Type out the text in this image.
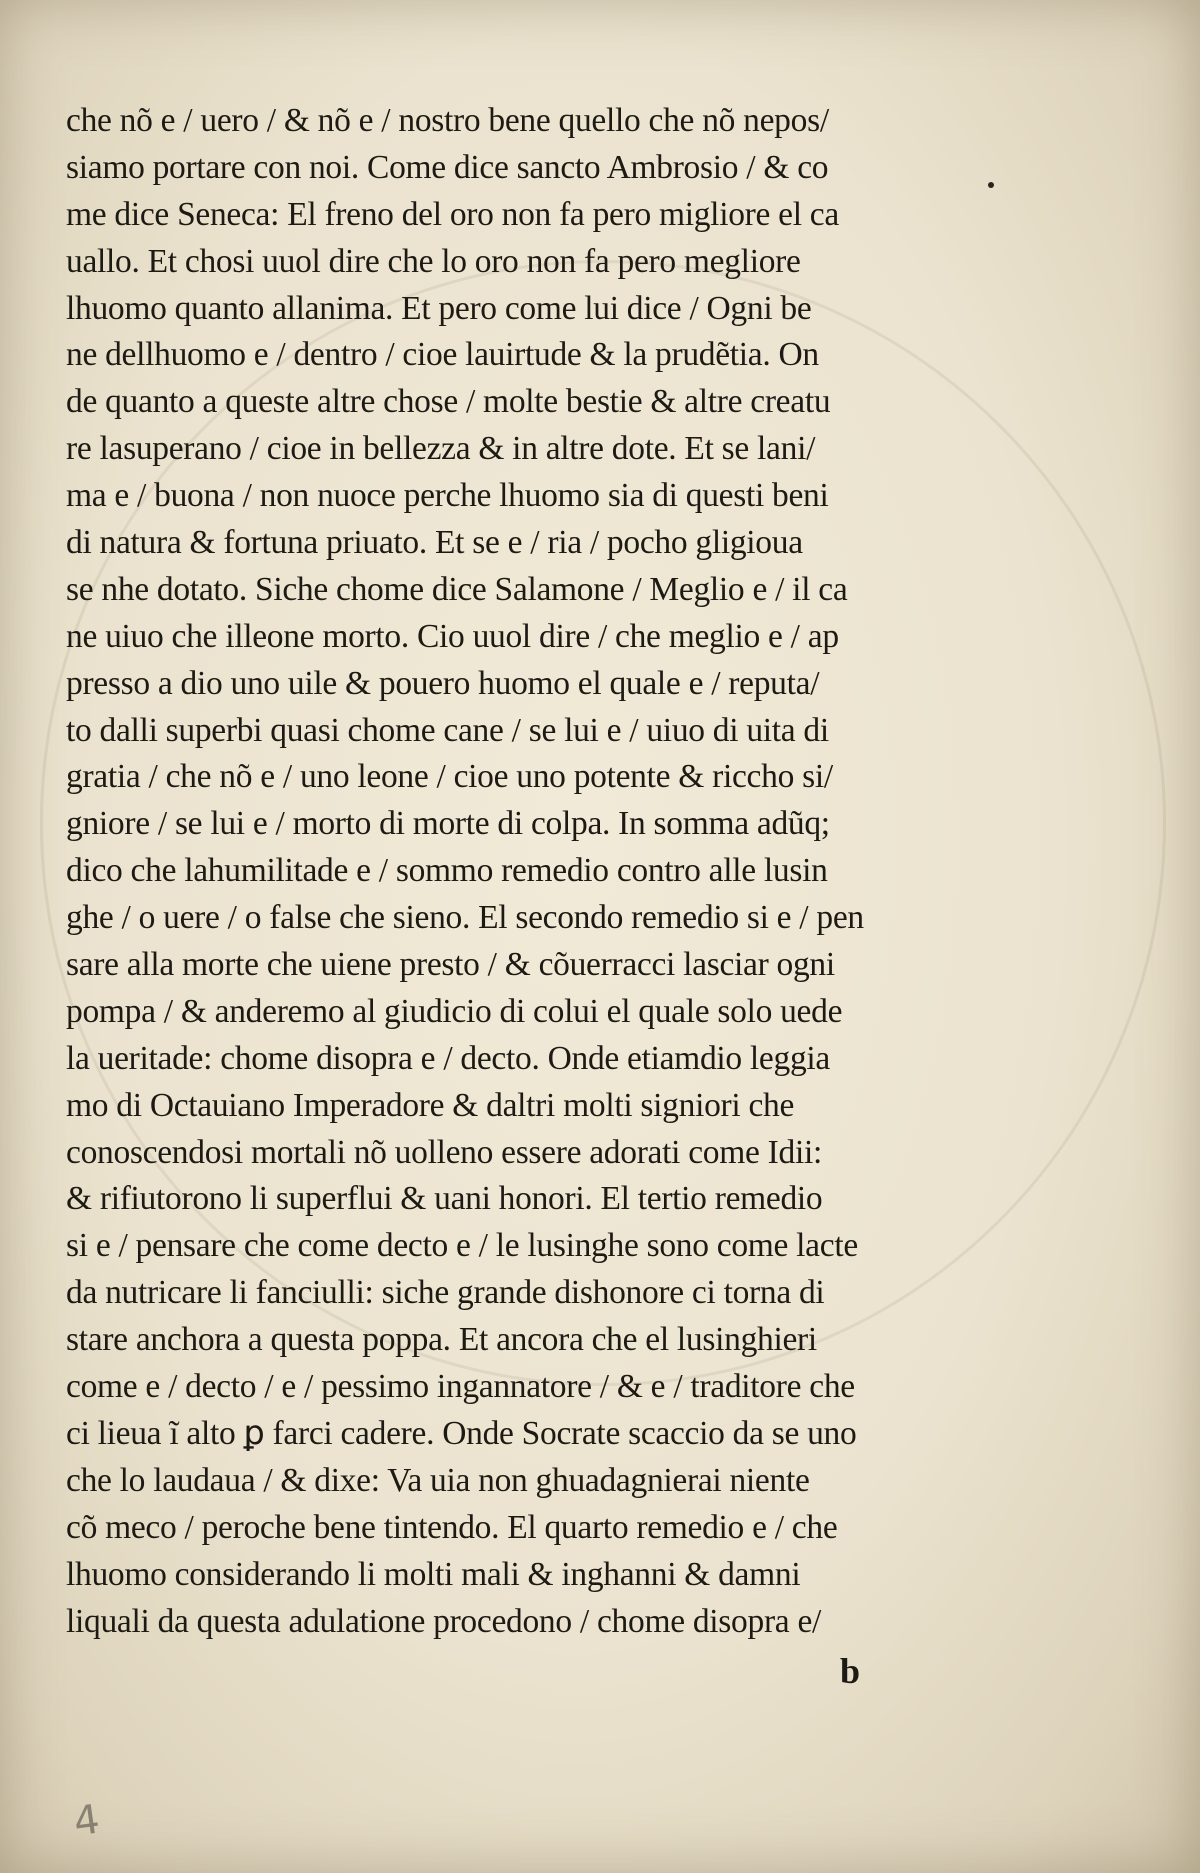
che nõ e / uero / & nõ e / nostro bene quello che nõ nepos/
siamo portare con noi. Come dice sancto Ambrosio / & co
me dice Seneca: El freno del oro non fa pero migliore el ca
uallo. Et chosi uuol dire che lo oro non fa pero megliore
lhuomo quanto allanima. Et pero come lui dice / Ogni be
ne dellhuomo e / dentro / cioe lauirtude & la prudẽtia. On
de quanto a queste altre chose / molte bestie & altre creatu
re lasuperano / cioe in bellezza & in altre dote. Et se lani/
ma e / buona / non nuoce perche lhuomo sia di questi beni
di natura & fortuna priuato. Et se e / ria / pocho gligioua
se nhe dotato. Siche chome dice Salamone / Meglio e / il ca
ne uiuo che illeone morto. Cio uuol dire / che meglio e / ap
presso a dio uno uile & pouero huomo el quale e / reputa/
to dalli superbi quasi chome cane / se lui e / uiuo di uita di
gratia / che nõ e / uno leone / cioe uno potente & riccho si/
gniore / se lui e / morto di morte di colpa. In somma adũq;
dico che lahumilitade e / sommo remedio contro alle lusin
ghe / o uere / o false che sieno. El secondo remedio si e / pen
sare alla morte che uiene presto / & cõuerracci lasciar ogni
pompa / & anderemo al giudicio di colui el quale solo uede
la ueritade: chome disopra e / decto. Onde etiamdio leggia
mo di Octauiano Imperadore & daltri molti signiori che
conoscendosi mortali nõ uolleno essere adorati come Idii:
& rifiutorono li superflui & uani honori. El tertio remedio
si e / pensare che come decto e / le lusinghe sono come lacte
da nutricare li fanciulli: siche grande dishonore ci torna di
stare anchora a questa poppa. Et ancora che el lusinghieri
come e / decto / e / pessimo ingannatore / & e / traditore che
ci lieua ĩ alto ꝑ farci cadere. Onde Socrate scaccio da se uno
che lo laudaua / & dixe: Va uia non ghuadagnierai niente
cõ meco / peroche bene tintendo. El quarto remedio e / che
lhuomo considerando li molti mali & inghanni & damni
liquali da questa adulatione procedono / chome disopra e/
b
4
